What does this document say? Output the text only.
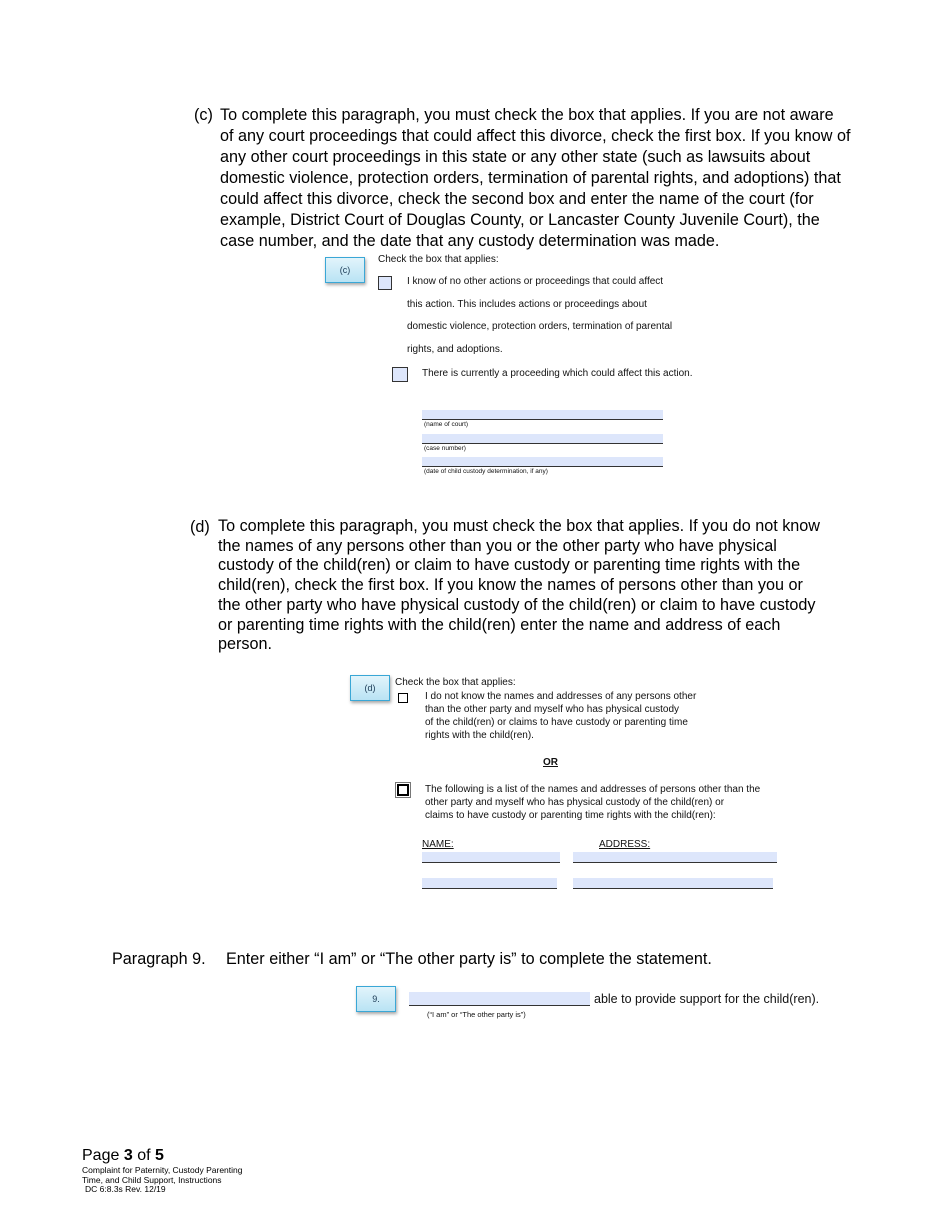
(c) To complete this paragraph, you must check the box that applies. If you are not aware
of any court proceedings that could affect this divorce, check the first box. If you know of
any other court proceedings in this state or any other state (such as lawsuits about
domestic violence, protection orders, termination of parental rights, and adoptions) that
could affect this divorce, check the second box and enter the name of the court (for
example, District Court of Douglas County, or Lancaster County Juvenile Court), the
case number, and the date that any custody determination was made.
(c)
Check the box that applies:
I know of no other actions or proceedings that could affect
this action. This includes actions or proceedings about
domestic violence, protection orders, termination of parental
rights, and adoptions.
There is currently a proceeding which could affect this action.
(name of court)
(case number)
(date of child custody determination, if any)
(d) To complete this paragraph, you must check the box that applies. If you do not know
the names of any persons other than you or the other party who have physical
custody of the child(ren) or claim to have custody or parenting time rights with the
child(ren), check the first box. If you know the names of persons other than you or
the other party who have physical custody of the child(ren) or claim to have custody
or parenting time rights with the child(ren) enter the name and address of each
person.
(d)	Check the box that applies:
I do not know the names and addresses of any persons other
than the other party and myself who has physical custody
of the child(ren) or claims to have custody or parenting time
rights with the child(ren).
OR
The following is a list of the names and addresses of persons other than the
other party and myself who has physical custody of the child(ren) or
claims to have custody or parenting time rights with the child(ren):
NAME:	ADDRESS:
Paragraph 9. Enter either “I am” or “The other party is” to complete the statement.
9.	able to provide support for the child(ren).
(“I am” or “The other party is”)
Page 3 of 5
Complaint for Paternity, Custody Parenting
Time, and Child Support, Instructions
DC 6:8.3s Rev. 12/19
